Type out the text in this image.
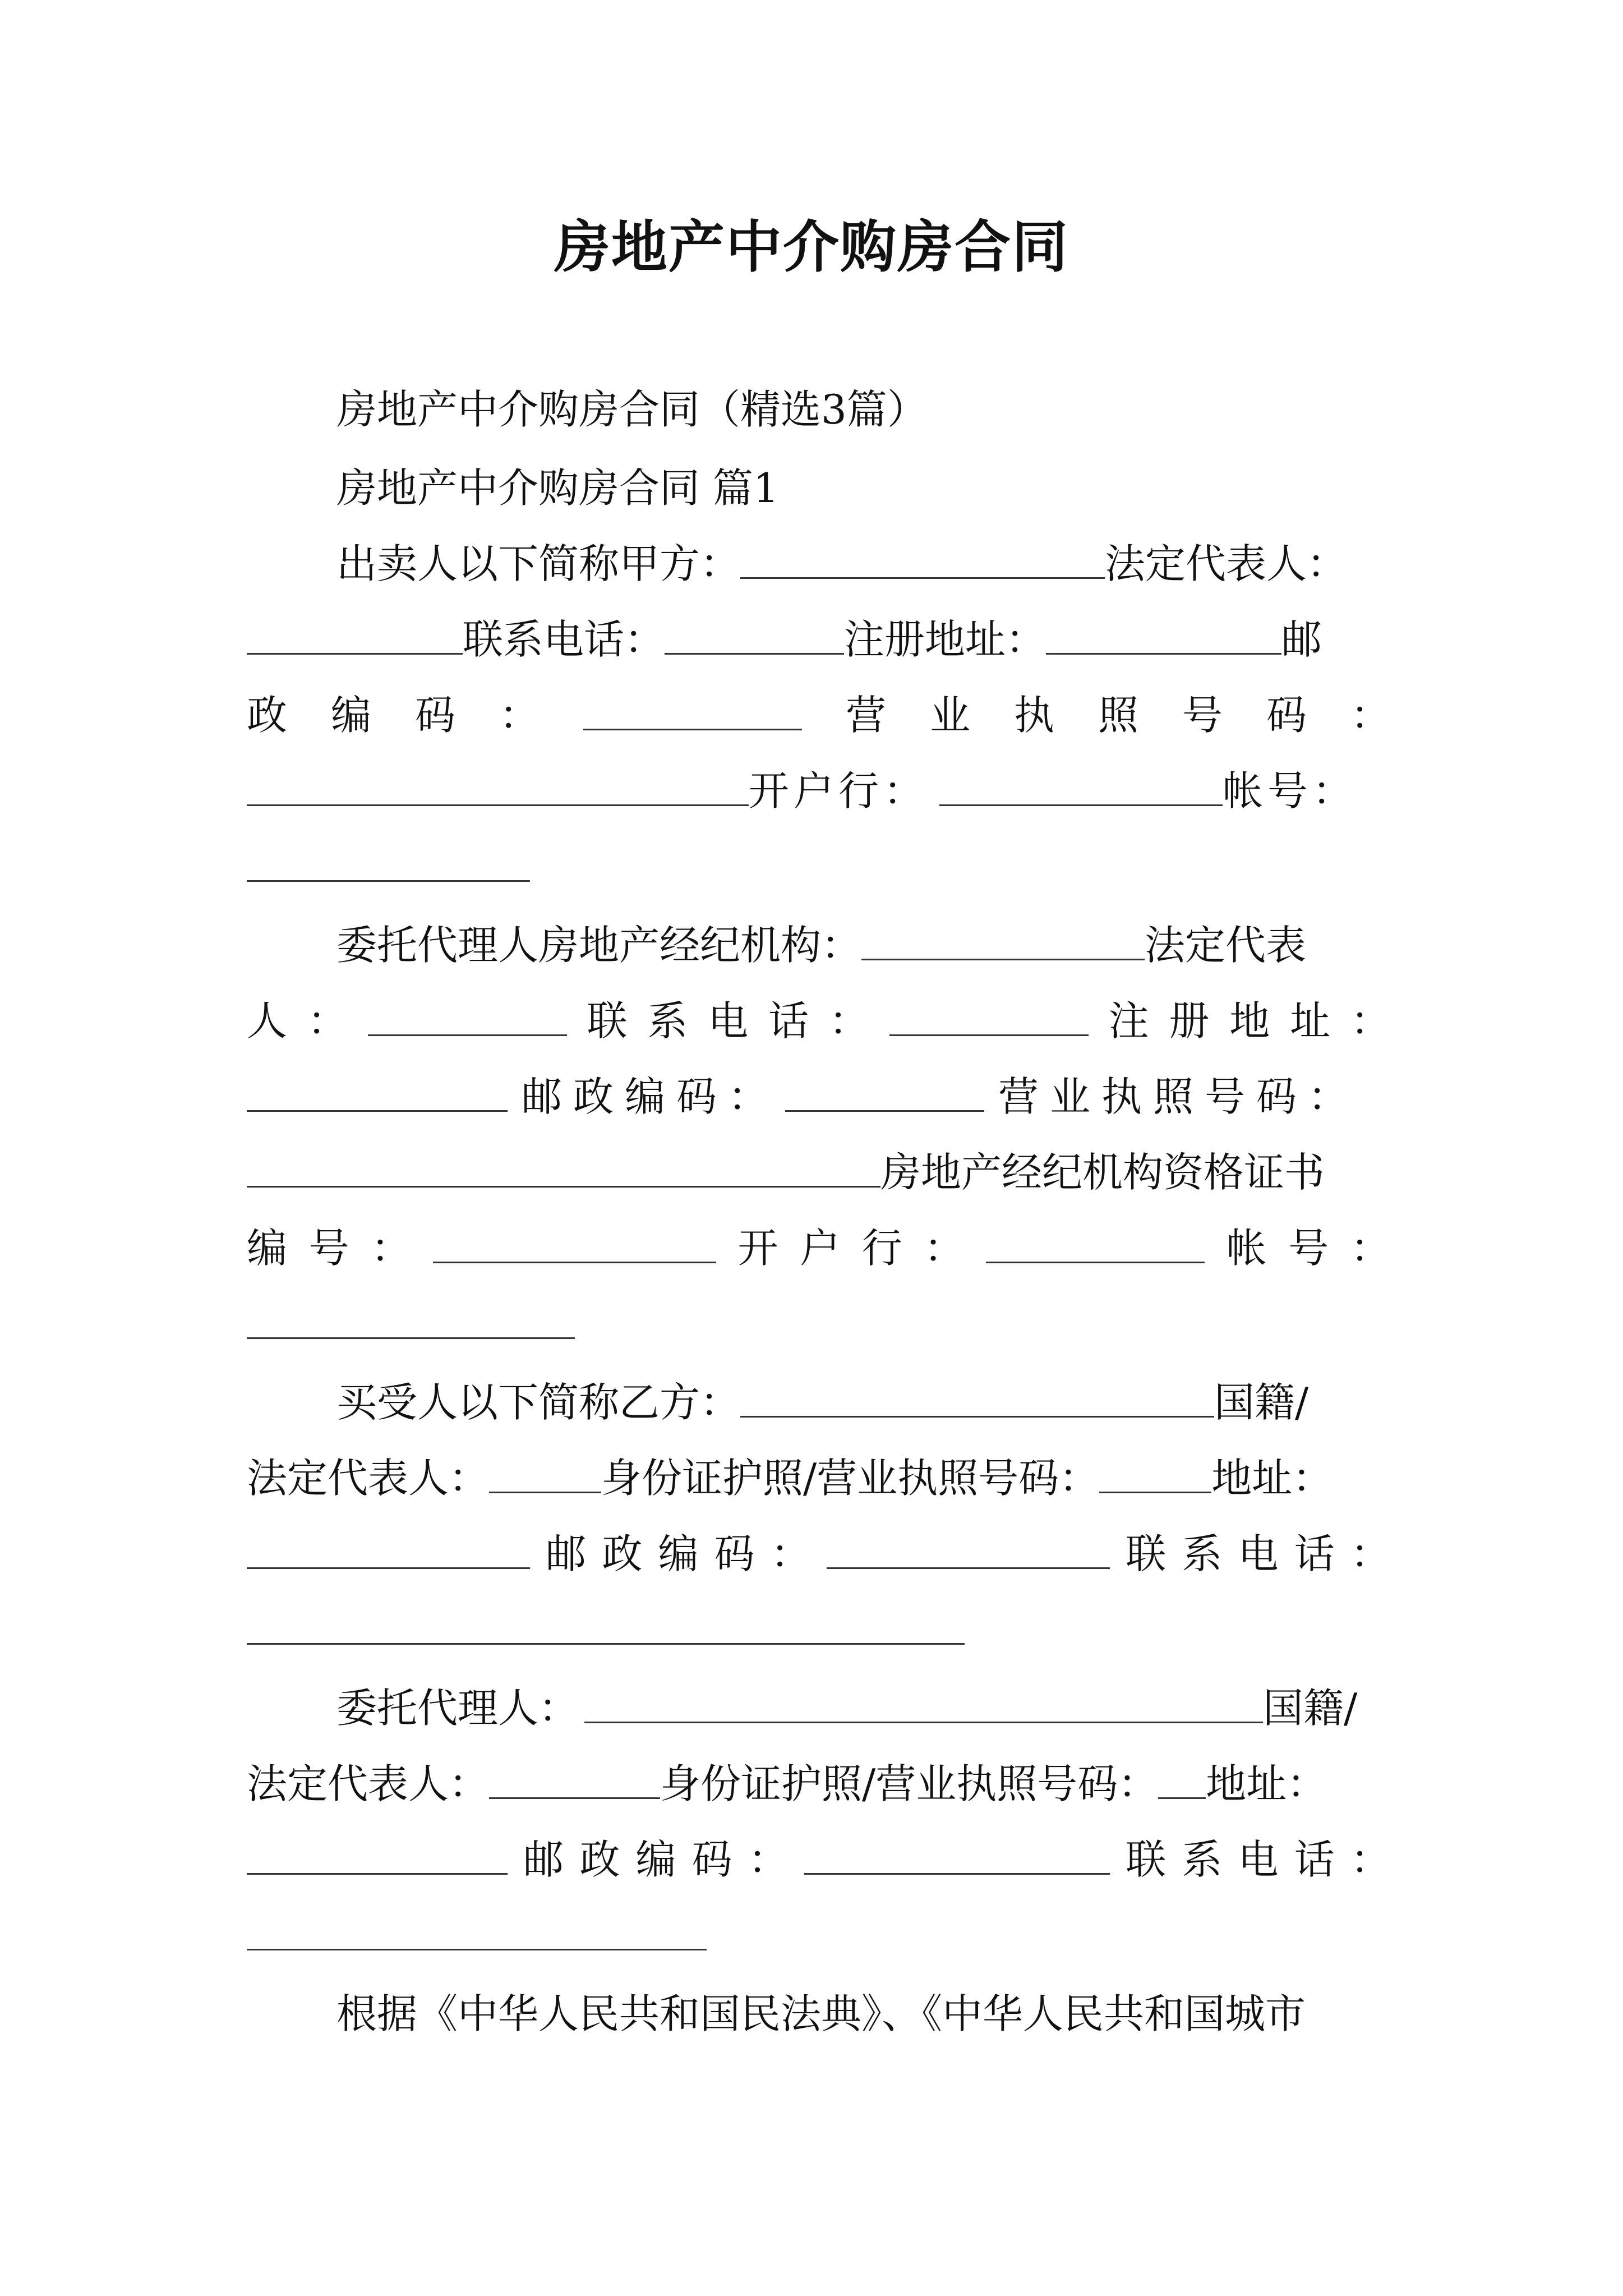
房地产中介购房合同
房地产中介购房合同（精选3篇）
房地产中介购房合同 篇1
出卖人以下简称甲方：	法定代表人：
联系电话：	注册地址：	邮
政 编 码 ：	营 业 执 照 号 码 ：
开户行：	帐号：
委托代理人房地产经纪机构：	法定代表
人 ：	联 系 电 话 ：	注 册 地 址 ：
邮政编码：	营业执照号码：
房地产经纪机构资格证书
编 号 ：	开 户 行 ：	帐 号 ：
买受人以下简称乙方：	国籍/
法定代表人：	身份证护照/营业执照号码：	地址：
邮 政 编 码 ：	联 系 电 话 ：
委托代理人：	国籍/
法定代表人：	身份证护照/营业执照号码： 地址：
邮 政 编 码 ：	联 系 电 话 ：
根据《中华人民共和国民法典》、《中华人民共和国城市
